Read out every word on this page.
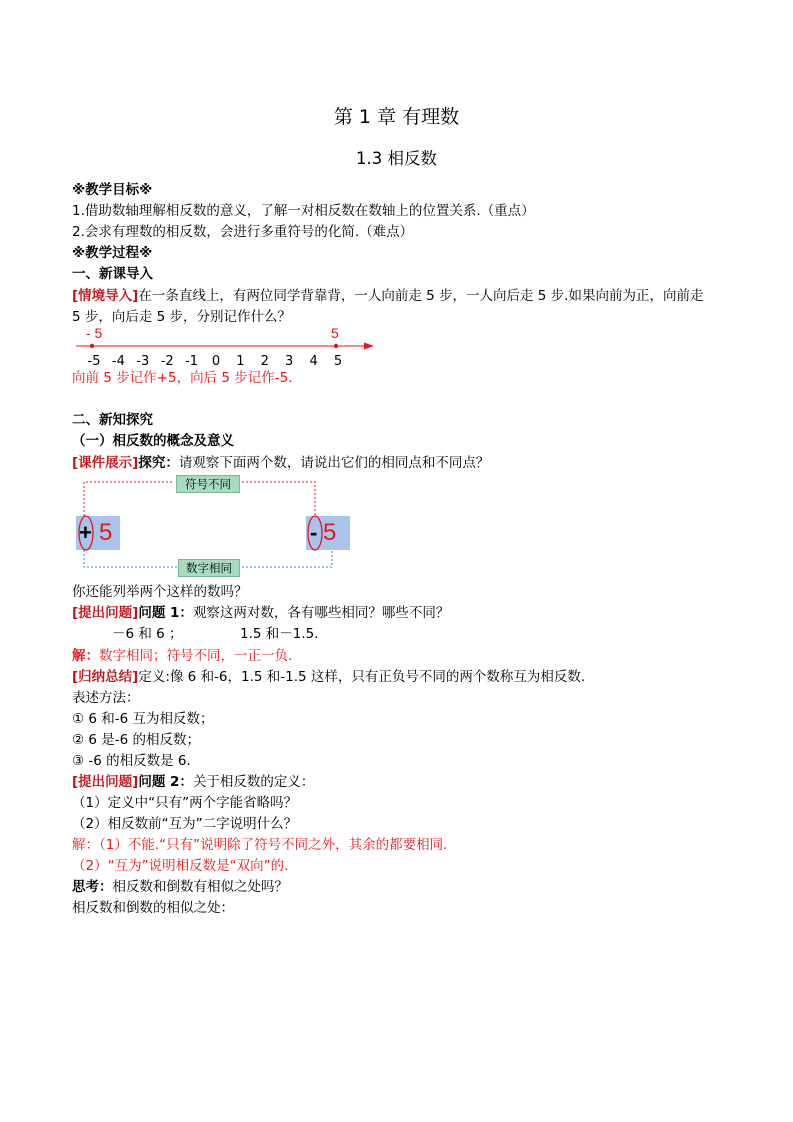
第 1 章 有理数
1.3 相反数
※教学目标※
1.借助数轴理解相反数的意义，了解一对相反数在数轴上的位置关系.（重点）
2.会求有理数的相反数，会进行多重符号的化简.（难点）
※教学过程※
一、新课导入
[情境导入]在一条直线上，有两位同学背靠背，一人向前走 5 步，一人向后走 5 步.如果向前为正，向前走
5 步，向后走 5 步，分别记作什么？
- 5	5
-5 -4 -3 -2 -1 0 1 2 3 4 5
向前 5 步记作+5，向后 5 步记作-5.
二、新知探究
（一）相反数的概念及意义
[课件展示]探究：请观察下面两个数，请说出它们的相同点和不同点？
符号不同
数字相同
+ 5	- 5
你还能列举两个这样的数吗？
[提出问题]问题 1：观察这两对数，各有哪些相同？哪些不同？
－6 和 6 ；	1.5 和－1.5.
解：数字相同；符号不同，一正一负.
[归纳总结]定义:像 6 和-6，1.5 和-1.5 这样，只有正负号不同的两个数称互为相反数.
表述方法：
① 6 和-6 互为相反数；
② 6 是-6 的相反数；
③ -6 的相反数是 6.
[提出问题]问题 2：关于相反数的定义：
（1）定义中“只有”两个字能省略吗？
（2）相反数前“互为”二字说明什么？
解：（1）不能.“只有”说明除了符号不同之外，其余的都要相同.
（2）“互为”说明相反数是“双向”的.
思考：相反数和倒数有相似之处吗？
相反数和倒数的相似之处：
